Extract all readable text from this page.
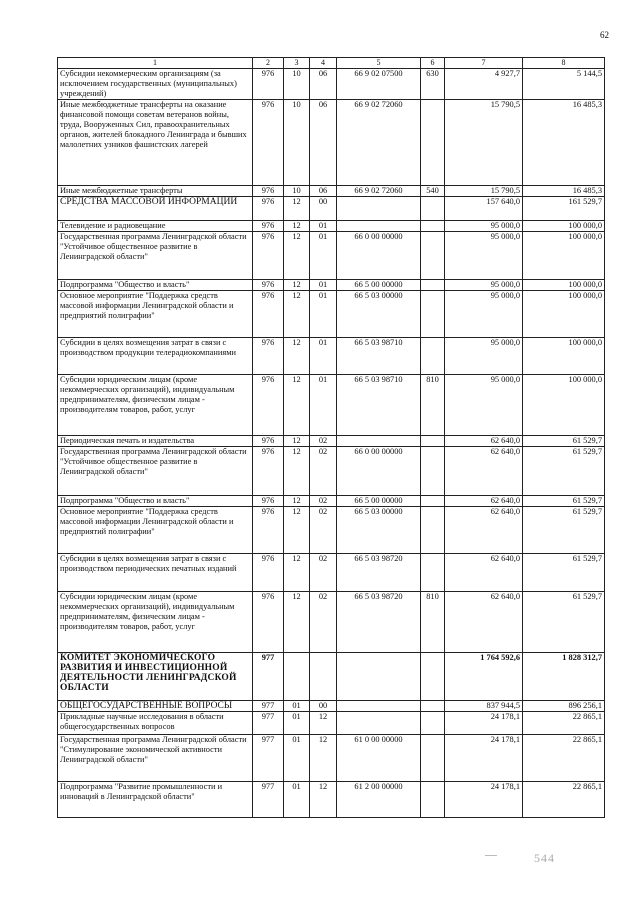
62
1	2	3	4	5	6	7	8
Субсидии некоммерческим организациям (за исключением государственных (муниципальных) учреждений)	976	10	06	66 9 02 07500	630	4 927,7	5 144,5
Иные межбюджетные трансферты на оказание финансовой помощи советам ветеранов войны, труда, Вооруженных Сил, правоохранительных органов, жителей блокадного Ленинграда и бывших малолетних узников фашистских лагерей	976	10	06	66 9 02 72060		15 790,5	16 485,3
Иные межбюджетные трансферты	976	10	06	66 9 02 72060	540	15 790,5	16 485,3
СРЕДСТВА МАССОВОЙ ИНФОРМАЦИИ	976	12	00			157 640,0	161 529,7
Телевидение и радиовещание	976	12	01			95 000,0	100 000,0
Государственная программа Ленинградской области "Устойчивое общественное развитие в Ленинградской области"	976	12	01	66 0 00 00000		95 000,0	100 000,0
Подпрограмма "Общество и власть"	976	12	01	66 5 00 00000		95 000,0	100 000,0
Основное мероприятие "Поддержка средств массовой информации Ленинградской области и предприятий полиграфии"	976	12	01	66 5 03 00000		95 000,0	100 000,0
Субсидии в целях возмещения затрат в связи с производством продукции телерадиокомпаниями	976	12	01	66 5 03 98710		95 000,0	100 000,0
Субсидии юридическим лицам (кроме некоммерческих организаций), индивидуальным предпринимателям, физическим лицам - производителям товаров, работ, услуг	976	12	01	66 5 03 98710	810	95 000,0	100 000,0
Периодическая печать и издательства	976	12	02			62 640,0	61 529,7
Государственная программа Ленинградской области "Устойчивое общественное развитие в Ленинградской области"	976	12	02	66 0 00 00000		62 640,0	61 529,7
Подпрограмма "Общество и власть"	976	12	02	66 5 00 00000		62 640,0	61 529,7
Основное мероприятие "Поддержка средств массовой информации Ленинградской области и предприятий полиграфии"	976	12	02	66 5 03 00000		62 640,0	61 529,7
Субсидии в целях возмещения затрат в связи с производством периодических печатных изданий	976	12	02	66 5 03 98720		62 640,0	61 529,7
Субсидии юридическим лицам (кроме некоммерческих организаций), индивидуальным предпринимателям, физическим лицам - производителям товаров, работ, услуг	976	12	02	66 5 03 98720	810	62 640,0	61 529,7
КОМИТЕТ ЭКОНОМИЧЕСКОГО РАЗВИТИЯ И ИНВЕСТИЦИОННОЙ ДЕЯТЕЛЬНОСТИ ЛЕНИНГРАДСКОЙ ОБЛАСТИ	977					1 764 592,6	1 828 312,7
ОБЩЕГОСУДАРСТВЕННЫЕ ВОПРОСЫ	977	01	00			837 944,5	896 256,1
Прикладные научные исследования в области общегосударственных вопросов	977	01	12			24 178,1	22 865,1
Государственная программа Ленинградской области "Стимулирование экономической активности Ленинградской области"	977	01	12	61 0 00 00000		24 178,1	22 865,1
Подпрограмма "Развитие промышленности и инноваций в Ленинградской области"	977	01	12	61 2 00 00000		24 178,1	22 865,1
544
